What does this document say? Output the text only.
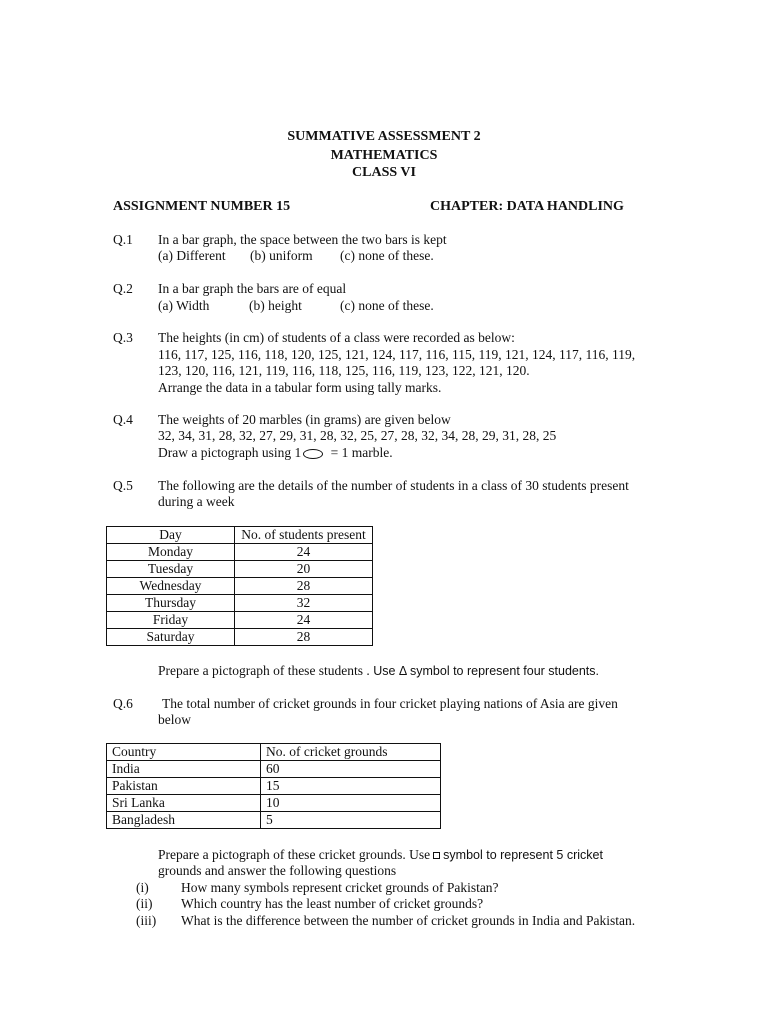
SUMMATIVE ASSESSMENT 2
MATHEMATICS
CLASS VI
ASSIGNMENT NUMBER 15	CHAPTER: DATA HANDLING
Q.1 In a bar graph, the space between the two bars is kept
(a) Different (b) uniform (c) none of these.
Q.2 In a bar graph the bars are of equal
(a) Width	(b) height	(c) none of these.
Q.3 The heights (in cm) of students of a class were recorded as below:
116, 117, 125, 116, 118, 120, 125, 121, 124, 117, 116, 115, 119, 121, 124, 117, 116, 119,
123, 120, 116, 121, 119, 116, 118, 125, 116, 119, 123, 122, 121, 120.
Arrange the data in a tabular form using tally marks.
Q.4 The weights of 20 marbles (in grams) are given below
32, 34, 31, 28, 32, 27, 29, 31, 28, 32, 25, 27, 28, 32, 34, 28, 29, 31, 28, 25
Draw a pictograph using 1 = 1 marble.
Q.5 The following are the details of the number of students in a class of 30 students present
during a week
Day	No. of students present
Monday	24
Tuesday	20
Wednesday	28
Thursday	32
Friday	24
Saturday	28
Prepare a pictograph of these students . Use Δ symbol to represent four students.
Q.6 The total number of cricket grounds in four cricket playing nations of Asia are given
below
Country	No. of cricket grounds
India	60
Pakistan	15
Sri Lanka	10
Bangladesh	5
Prepare a pictograph of these cricket grounds. Use symbol to represent 5 cricket
grounds and answer the following questions
(i) How many symbols represent cricket grounds of Pakistan?
(ii) Which country has the least number of cricket grounds?
(iii) What is the difference between the number of cricket grounds in India and Pakistan.
